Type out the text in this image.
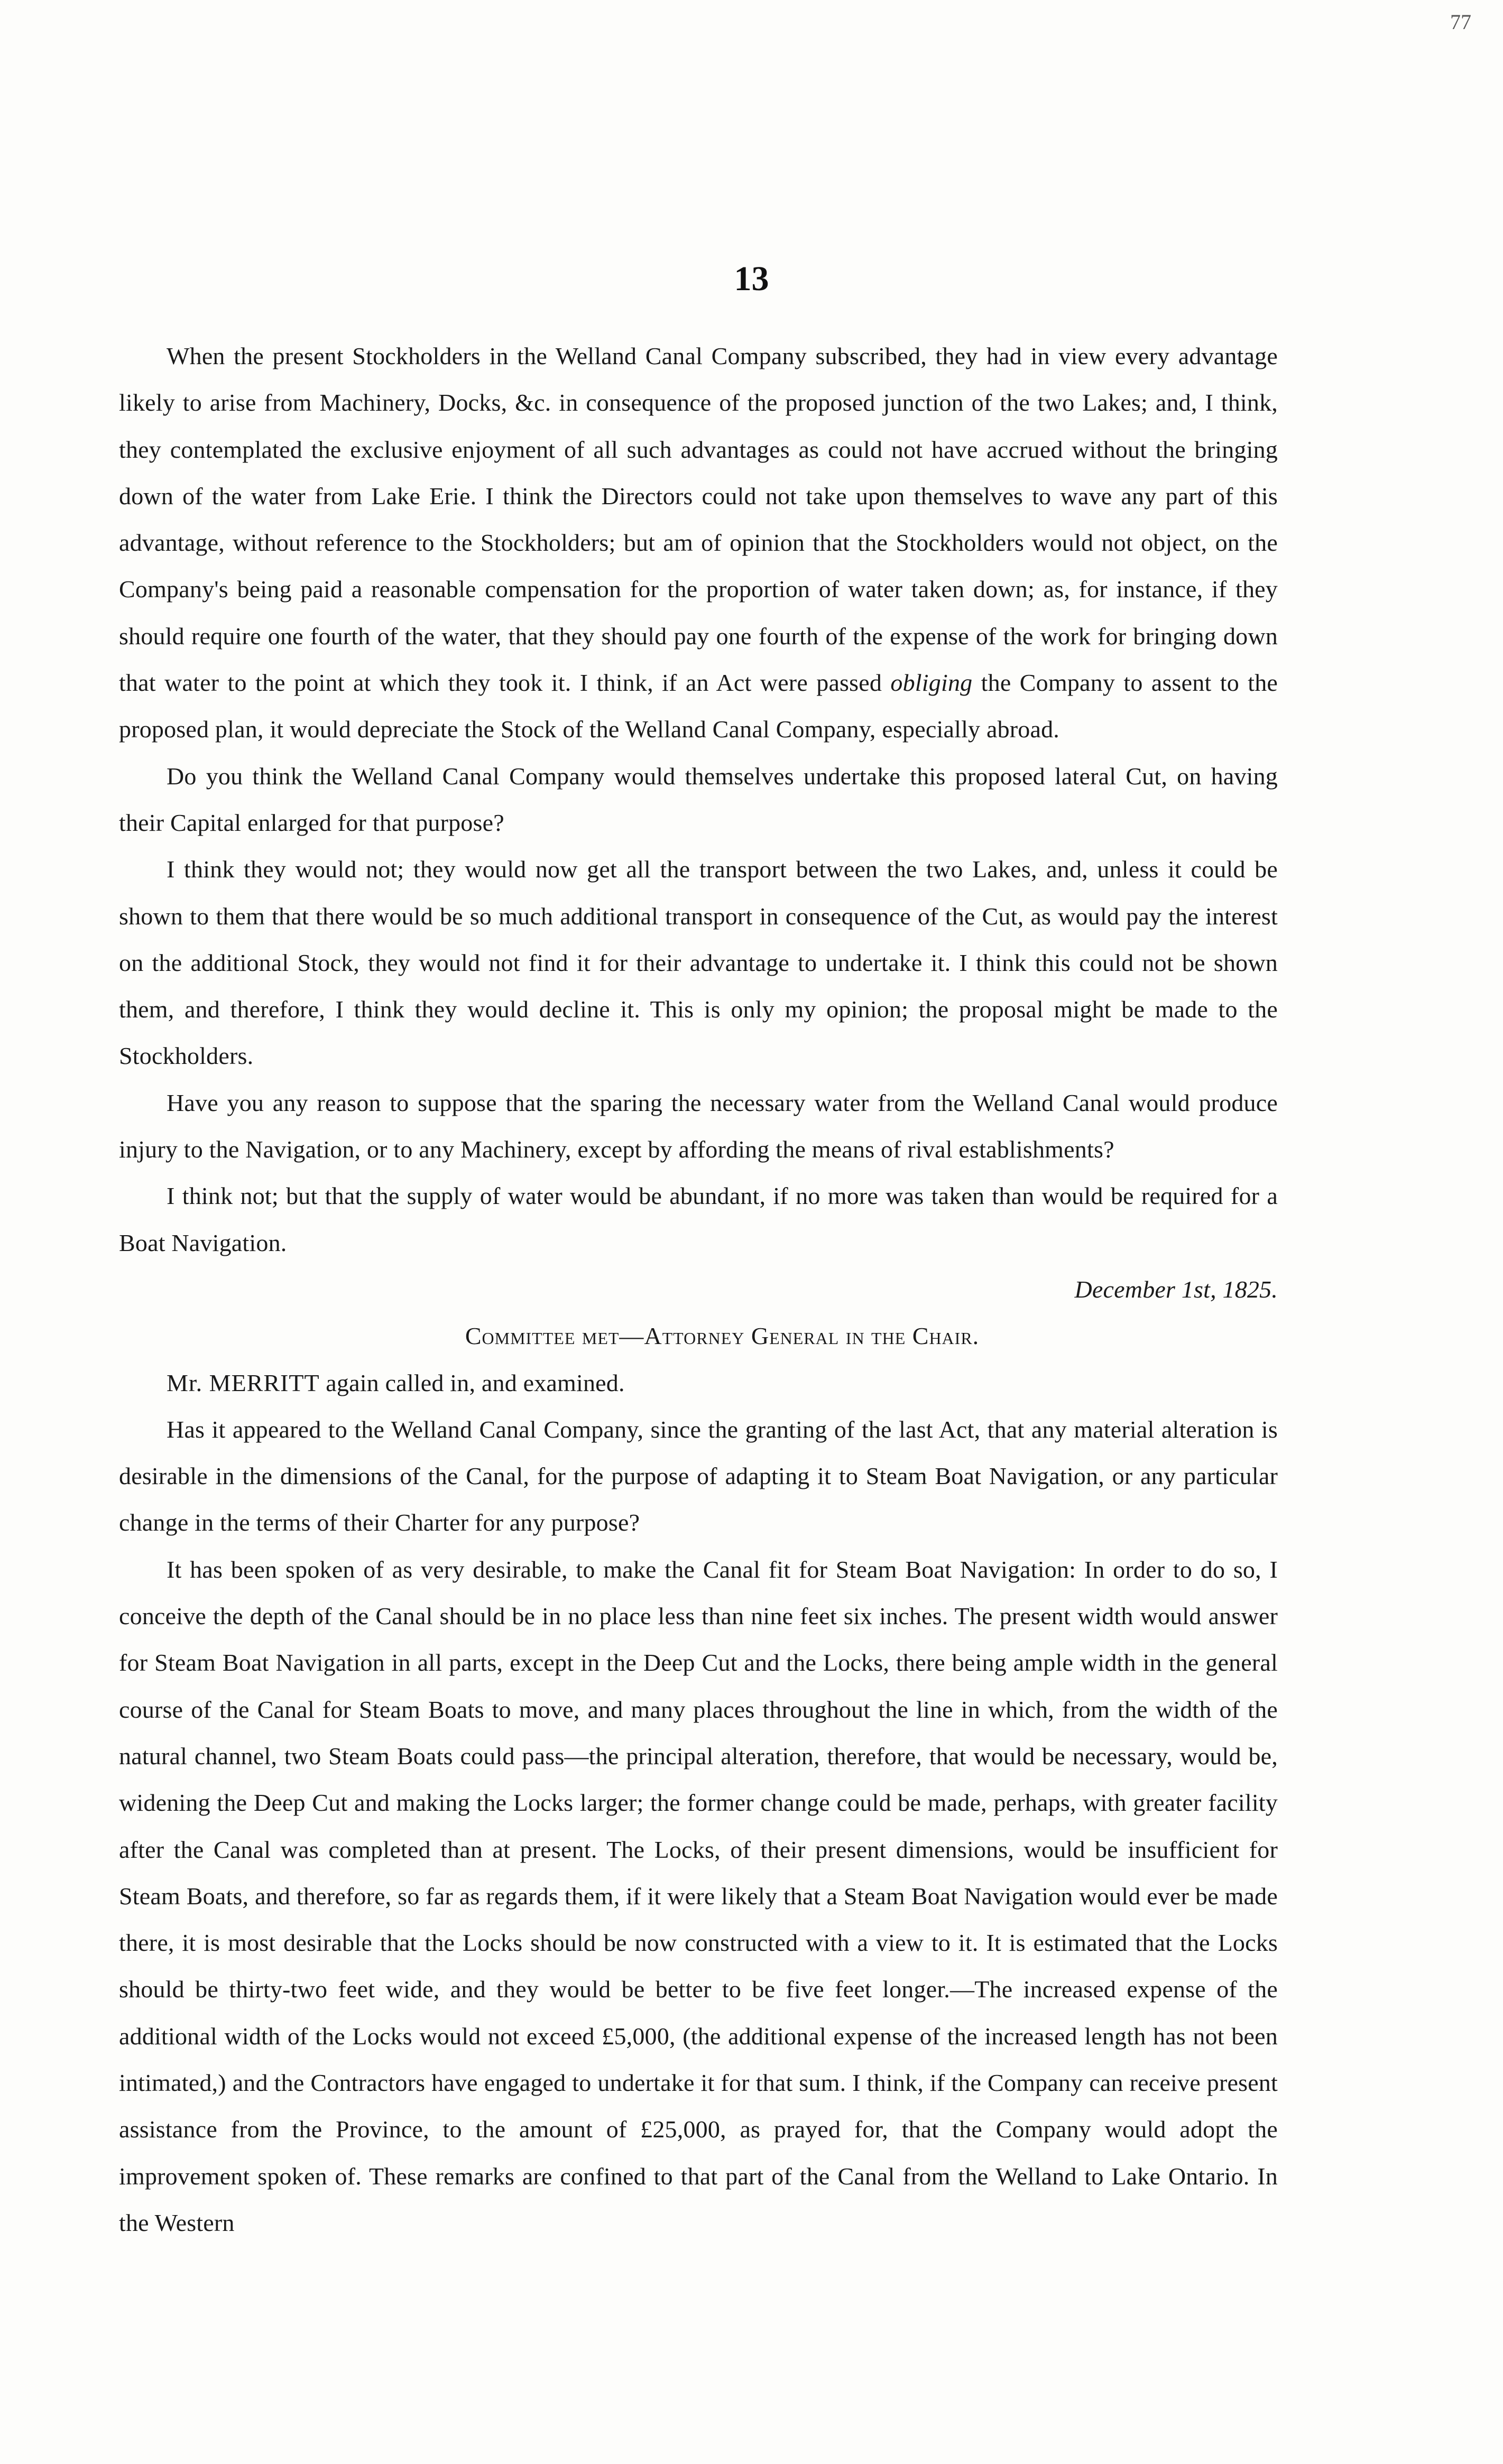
77
13

When the present Stockholders in the Welland Canal Company subscribed, they had in view every advantage likely to arise from Machinery, Docks, &c. in consequence of the proposed junction of the two Lakes; and, I think, they contemplated the exclusive enjoyment of all such advantages as could not have accrued without the bringing down of the water from Lake Erie. I think the Directors could not take upon themselves to wave any part of this advantage, without reference to the Stockholders; but am of opinion that the Stockholders would not object, on the Company's being paid a reasonable compensation for the proportion of water taken down; as, for instance, if they should require one fourth of the water, that they should pay one fourth of the expense of the work for bringing down that water to the point at which they took it. I think, if an Act were passed obliging the Company to assent to the proposed plan, it would depreciate the Stock of the Welland Canal Company, especially abroad.

Do you think the Welland Canal Company would themselves undertake this proposed lateral Cut, on having their Capital enlarged for that purpose?

I think they would not; they would now get all the transport between the two Lakes, and, unless it could be shown to them that there would be so much additional transport in consequence of the Cut, as would pay the interest on the additional Stock, they would not find it for their advantage to undertake it. I think this could not be shown them, and therefore, I think they would decline it. This is only my opinion; the proposal might be made to the Stockholders.

Have you any reason to suppose that the sparing the necessary water from the Welland Canal would produce injury to the Navigation, or to any Machinery, except by affording the means of rival establishments?

I think not; but that the supply of water would be abundant, if no more was taken than would be required for a Boat Navigation.

December 1st, 1825.

Committee met—Attorney General in the Chair.

Mr. MERRITT again called in, and examined.

Has it appeared to the Welland Canal Company, since the granting of the last Act, that any material alteration is desirable in the dimensions of the Canal, for the purpose of adapting it to Steam Boat Navigation, or any particular change in the terms of their Charter for any purpose?

It has been spoken of as very desirable, to make the Canal fit for Steam Boat Navigation: In order to do so, I conceive the depth of the Canal should be in no place less than nine feet six inches. The present width would answer for Steam Boat Navigation in all parts, except in the Deep Cut and the Locks, there being ample width in the general course of the Canal for Steam Boats to move, and many places throughout the line in which, from the width of the natural channel, two Steam Boats could pass—the principal alteration, therefore, that would be necessary, would be, widening the Deep Cut and making the Locks larger; the former change could be made, perhaps, with greater facility after the Canal was completed than at present. The Locks, of their present dimensions, would be insufficient for Steam Boats, and therefore, so far as regards them, if it were likely that a Steam Boat Navigation would ever be made there, it is most desirable that the Locks should be now constructed with a view to it. It is estimated that the Locks should be thirty-two feet wide, and they would be better to be five feet longer.—The increased expense of the additional width of the Locks would not exceed £5,000, (the additional expense of the increased length has not been intimated,) and the Contractors have engaged to undertake it for that sum. I think, if the Company can receive present assistance from the Province, to the amount of £25,000, as prayed for, that the Company would adopt the improvement spoken of. These remarks are confined to that part of the Canal from the Welland to Lake Ontario. In the Western
